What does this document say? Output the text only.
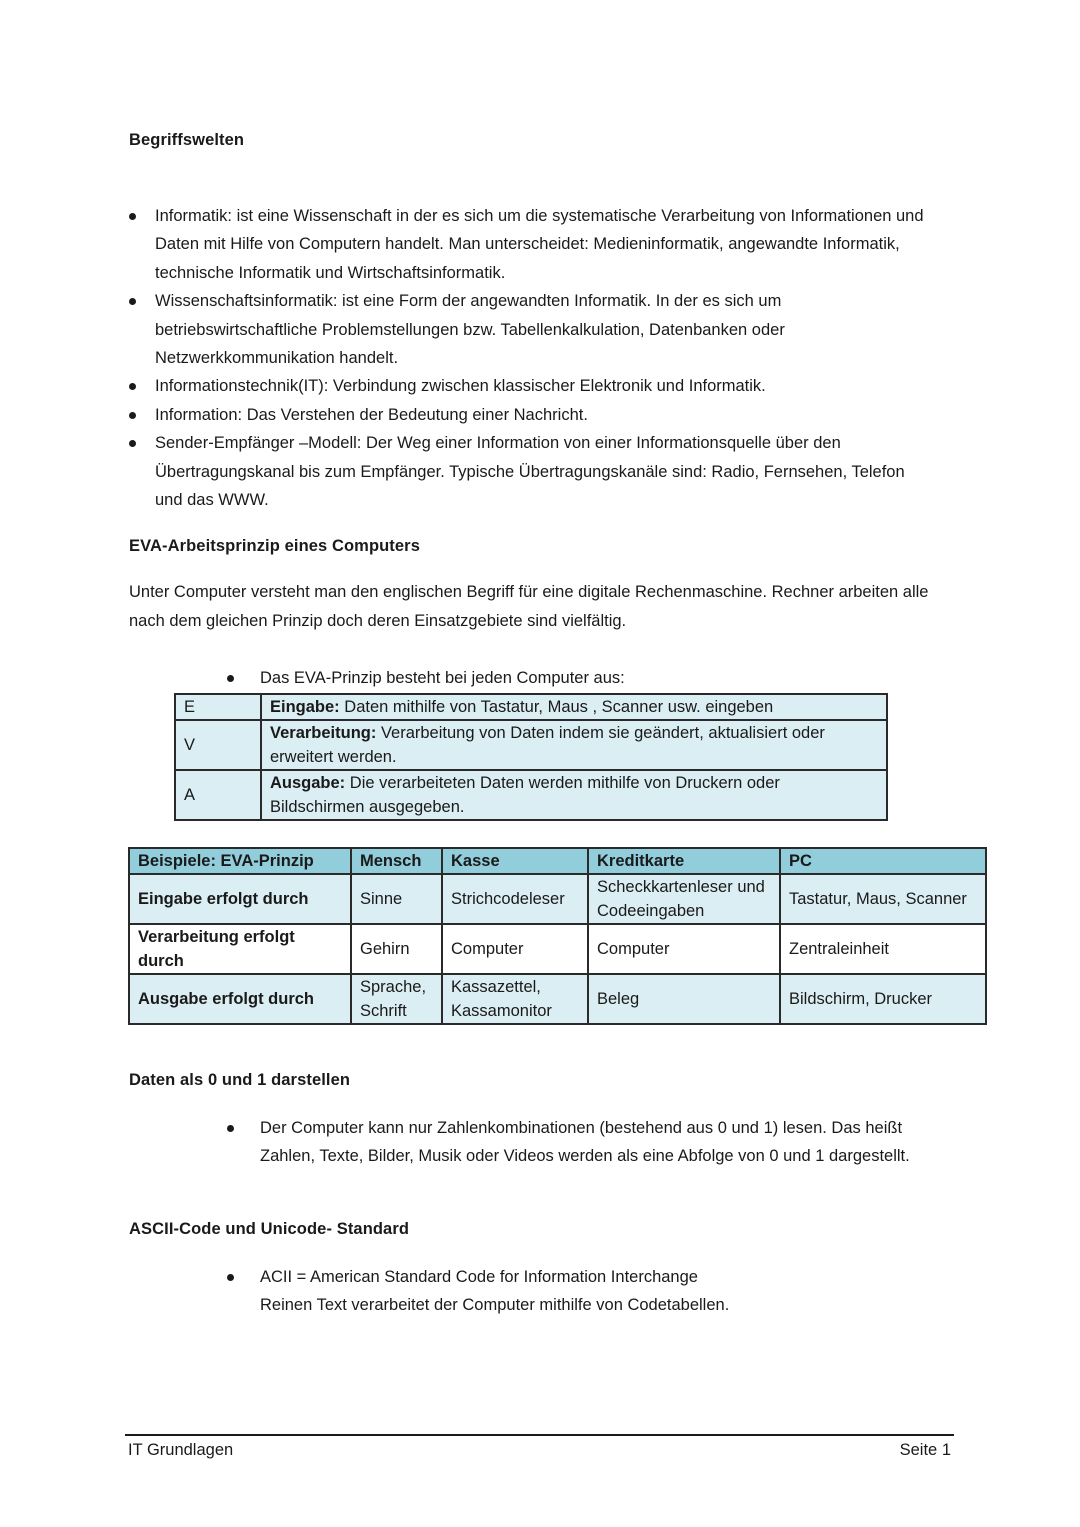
Begriffswelten
Informatik: ist eine Wissenschaft in der es sich um die systematische Verarbeitung von Informationen und Daten mit Hilfe von Computern handelt. Man unterscheidet: Medieninformatik, angewandte Informatik, technische Informatik und Wirtschaftsinformatik.
Wissenschaftsinformatik: ist eine Form der angewandten Informatik. In der es sich um betriebswirtschaftliche Problemstellungen bzw. Tabellenkalkulation, Datenbanken oder Netzwerkkommunikation handelt.
Informationstechnik(IT): Verbindung zwischen klassischer Elektronik und Informatik.
Information: Das Verstehen der Bedeutung einer Nachricht.
Sender-Empfänger –Modell: Der Weg einer Information von einer Informationsquelle über den Übertragungskanal bis zum Empfänger. Typische Übertragungskanäle sind: Radio, Fernsehen, Telefon und das WWW.
EVA-Arbeitsprinzip eines Computers
Unter Computer versteht man den englischen Begriff für eine digitale Rechenmaschine. Rechner arbeiten alle nach dem gleichen Prinzip doch deren Einsatzgebiete sind vielfältig.
Das EVA-Prinzip besteht bei jeden Computer aus:
E	Eingabe: Daten mithilfe von Tastatur, Maus , Scanner usw. eingeben
V	Verarbeitung: Verarbeitung von Daten indem sie geändert, aktualisiert oder erweitert werden.
A	Ausgabe: Die verarbeiteten Daten werden mithilfe von Druckern oder Bildschirmen ausgegeben.
Beispiele: EVA-Prinzip	Mensch	Kasse	Kreditkarte	PC
Eingabe erfolgt durch	Sinne	Strichcodeleser	Scheckkartenleser und Codeeingaben	Tastatur, Maus, Scanner
Verarbeitung erfolgt durch	Gehirn	Computer	Computer	Zentraleinheit
Ausgabe erfolgt durch	Sprache, Schrift	Kassazettel, Kassamonitor	Beleg	Bildschirm, Drucker
Daten als 0 und 1 darstellen
Der Computer kann nur Zahlenkombinationen (bestehend aus 0 und 1) lesen. Das heißt Zahlen, Texte, Bilder, Musik oder Videos werden als eine Abfolge von 0 und 1 dargestellt.
ASCII-Code und Unicode- Standard
ACII = American Standard Code for Information Interchange
Reinen Text verarbeitet der Computer mithilfe von Codetabellen.
IT Grundlagen	Seite 1
